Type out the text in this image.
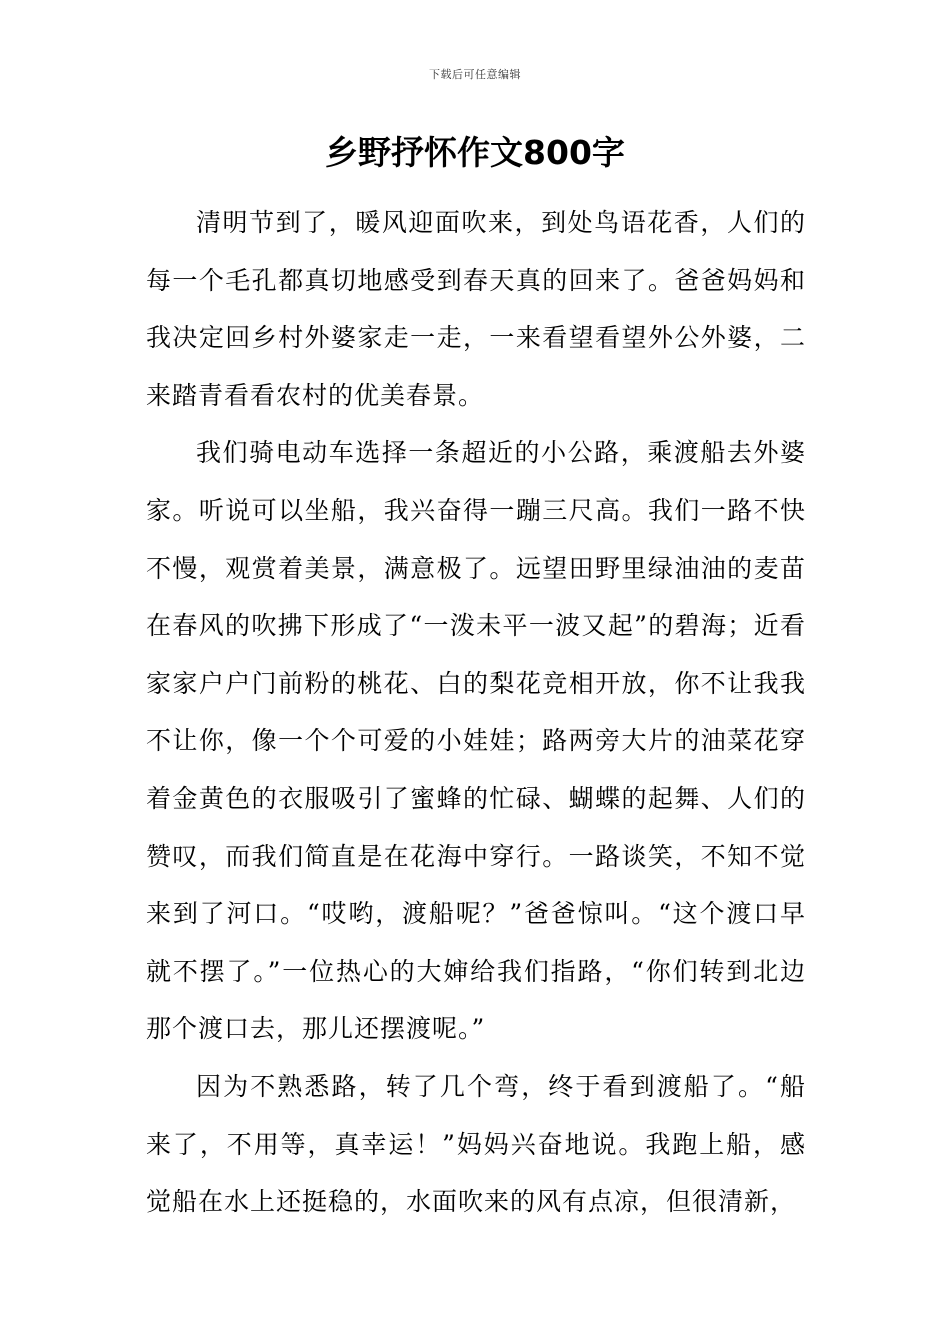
下载后可任意编辑
乡野抒怀作文800字

清明节到了，暖风迎面吹来，到处鸟语花香，人们的每一个毛孔都真切地感受到春天真的回来了。爸爸妈妈和我决定回乡村外婆家走一走，一来看望看望外公外婆，二来踏青看看农村的优美春景。

我们骑电动车选择一条超近的小公路，乘渡船去外婆家。听说可以坐船，我兴奋得一蹦三尺高。我们一路不快不慢，观赏着美景，满意极了。远望田野里绿油油的麦苗在春风的吹拂下形成了“一泼未平一波又起”的碧海；近看家家户户门前粉的桃花、白的梨花竞相开放，你不让我我不让你，像一个个可爱的小娃娃；路两旁大片的油菜花穿着金黄色的衣服吸引了蜜蜂的忙碌、蝴蝶的起舞、人们的赞叹，而我们简直是在花海中穿行。一路谈笑，不知不觉来到了河口。“哎哟，渡船呢？”爸爸惊叫。“这个渡口早就不摆了。”一位热心的大婶给我们指路，“你们转到北边那个渡口去，那儿还摆渡呢。”

因为不熟悉路，转了几个弯，终于看到渡船了。“船来了，不用等，真幸运！”妈妈兴奋地说。我跑上船，感觉船在水上还挺稳的，水面吹来的风有点凉，但很清新，
